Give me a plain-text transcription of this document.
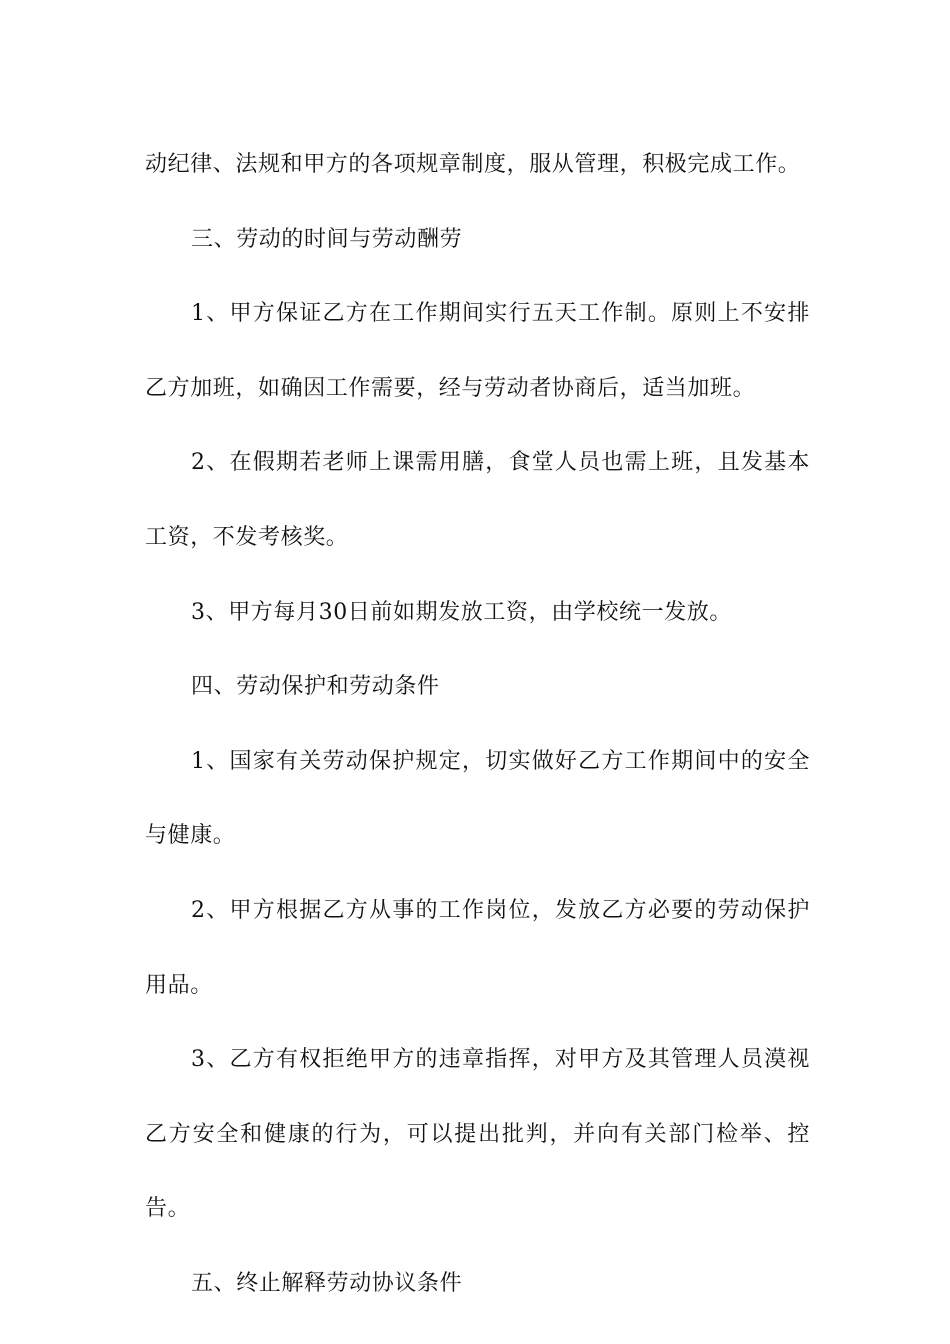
动纪律、法规和甲方的各项规章制度，服从管理，积极完成工作。

三、劳动的时间与劳动酬劳

1、甲方保证乙方在工作期间实行五天工作制。原则上不安排乙方加班，如确因工作需要，经与劳动者协商后，适当加班。

2、在假期若老师上课需用膳，食堂人员也需上班，且发基本工资，不发考核奖。

3、甲方每月30日前如期发放工资，由学校统一发放。

四、劳动保护和劳动条件

1、国家有关劳动保护规定，切实做好乙方工作期间中的安全与健康。

2、甲方根据乙方从事的工作岗位，发放乙方必要的劳动保护用品。

3、乙方有权拒绝甲方的违章指挥，对甲方及其管理人员漠视乙方安全和健康的行为，可以提出批判，并向有关部门检举、控告。

五、终止解释劳动协议条件
